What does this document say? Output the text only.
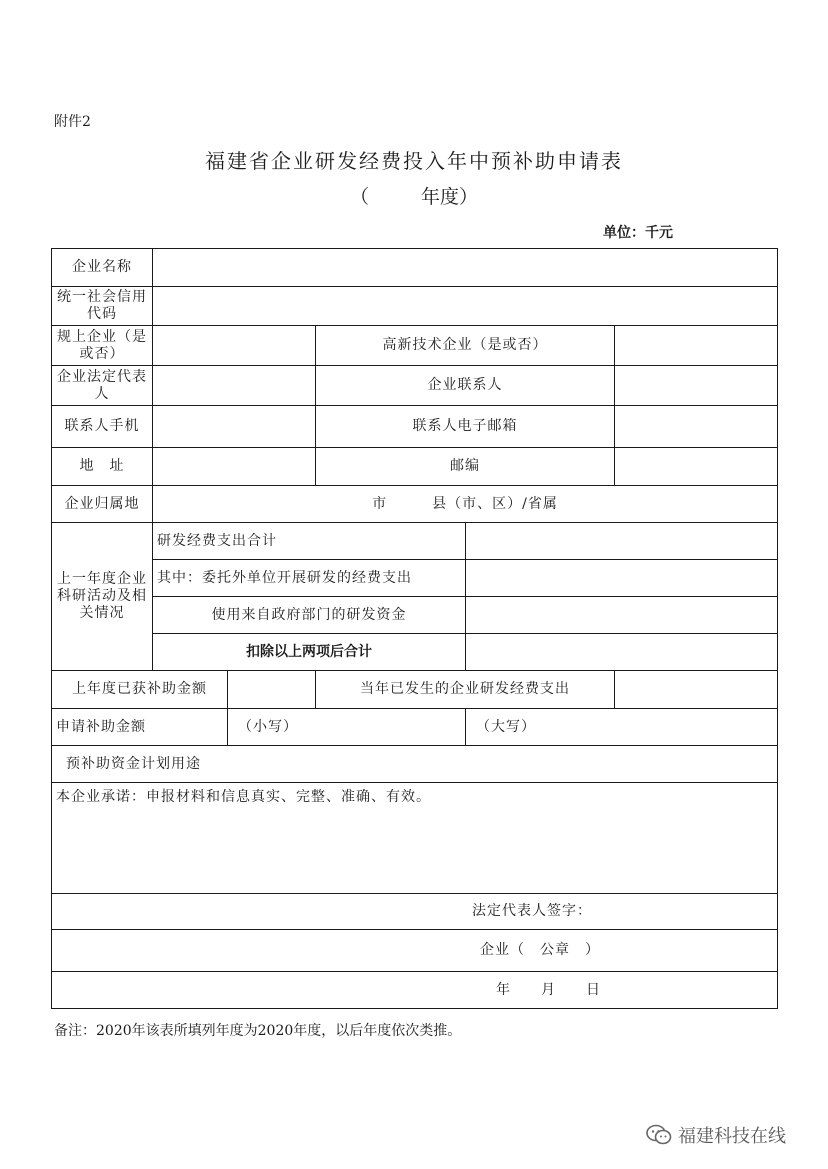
附件2
福建省企业研发经费投入年中预补助申请表
（	年度）
单位：千元
企业名称					
统一社会信用代码					
规上企业（是或否）			高新技术企业（是或否）		
企业法定代表人			企业联系人		
联系人手机			联系人电子邮箱		
地　址			邮编		
企业归属地	市　　　县（市、区）/省属				
上一年度企业科研活动及相关情况	研发经费支出合计				
	其中：委托外单位开展研发的经费支出				
	使用来自政府部门的研发资金				
	扣除以上两项后合计				
上年度已获补助金额			当年已发生的企业研发经费支出		
申请补助金额		（小写）		（大写）	
预补助资金计划用途					
本企业承诺：申报材料和信息真实、完整、准确、有效。					
法定代表人签字：					
企业（　公章　）					
年　　月　　日					
备注：2020年该表所填列年度为2020年度，以后年度依次类推。
福建科技在线
